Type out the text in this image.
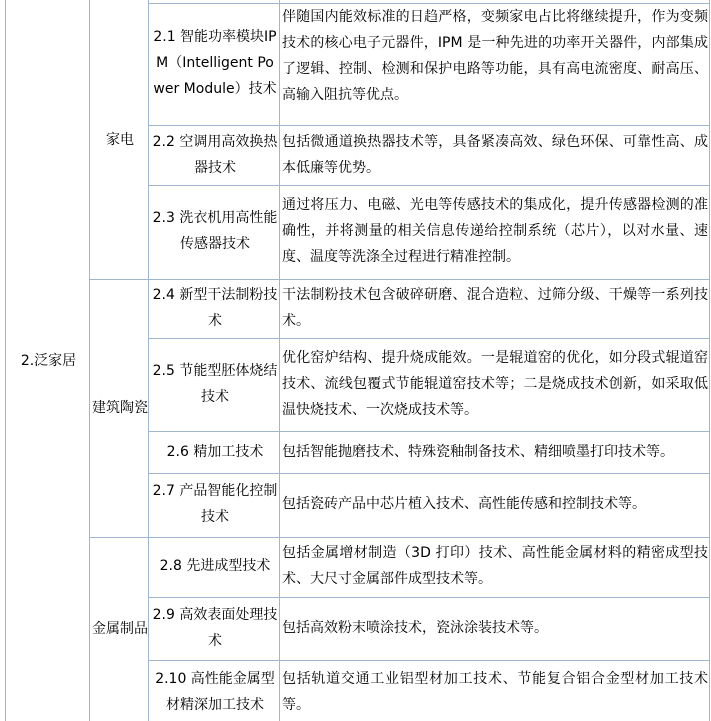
2.泛家居
家电
建筑陶瓷
金属制品
2.1 智能功率模块IPM（Intelligent Power Module）技术
伴随国内能效标准的日趋严格，变频家电占比将继续提升，作为变频技术的核心电子元器件，IPM 是一种先进的功率开关器件，内部集成了逻辑、控制、检测和保护电路等功能，具有高电流密度、耐高压、高输入阻抗等优点。
2.2 空调用高效换热器技术
包括微通道换热器技术等，具备紧凑高效、绿色环保、可靠性高、成本低廉等优势。
2.3 洗衣机用高性能传感器技术
通过将压力、电磁、光电等传感技术的集成化，提升传感器检测的准确性，并将测量的相关信息传递给控制系统（芯片），以对水量、速度、温度等洗涤全过程进行精准控制。
2.4 新型干法制粉技术
干法制粉技术包含破碎研磨、混合造粒、过筛分级、干燥等一系列技术。
2.5 节能型胚体烧结技术
优化窑炉结构、提升烧成能效。一是辊道窑的优化，如分段式辊道窑技术、流线包覆式节能辊道窑技术等；二是烧成技术创新，如采取低温快烧技术、一次烧成技术等。
2.6 精加工技术 包括智能抛磨技术、特殊瓷釉制备技术、精细喷墨打印技术等。
2.7 产品智能化控制技术
包括瓷砖产品中芯片植入技术、高性能传感和控制技术等。
2.8 先进成型技术
包括金属增材制造（3D 打印）技术、高性能金属材料的精密成型技术、大尺寸金属部件成型技术等。
2.9 高效表面处理技术
包括高效粉末喷涂技术，瓷泳涂装技术等。
2.10 高性能金属型材精深加工技术
包括轨道交通工业铝型材加工技术、节能复合铝合金型材加工技术等。
